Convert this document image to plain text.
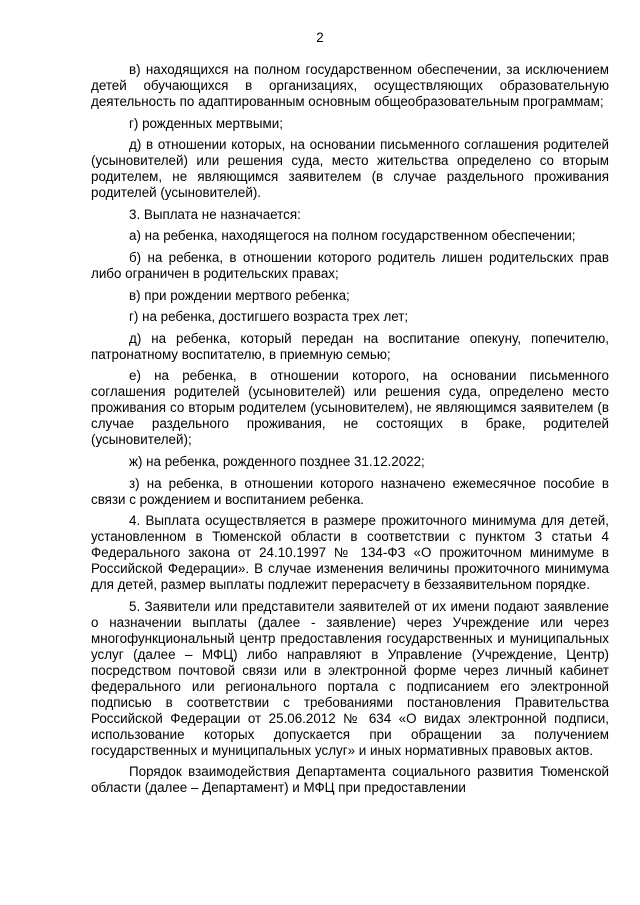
2

в) находящихся на полном государственном обеспечении, за исключением детей обучающихся в организациях, осуществляющих образовательную деятельность по адаптированным основным общеобразовательным программам;

г) рожденных мертвыми;

д) в отношении которых, на основании письменного соглашения родителей (усыновителей) или решения суда, место жительства определено со вторым родителем, не являющимся заявителем (в случае раздельного проживания родителей (усыновителей).

3. Выплата не назначается:

а) на ребенка, находящегося на полном государственном обеспечении;

б) на ребенка, в отношении которого родитель лишен родительских прав либо ограничен в родительских правах;

в) при рождении мертвого ребенка;

г) на ребенка, достигшего возраста трех лет;

д) на ребенка, который передан на воспитание опекуну, попечителю, патронатному воспитателю, в приемную семью;

е) на ребенка, в отношении которого, на основании письменного соглашения родителей (усыновителей) или решения суда, определено место проживания со вторым родителем (усыновителем), не являющимся заявителем (в случае раздельного проживания, не состоящих в браке, родителей (усыновителей);

ж) на ребенка, рожденного позднее 31.12.2022;

з) на ребенка, в отношении которого назначено ежемесячное пособие в связи с рождением и воспитанием ребенка.

4. Выплата осуществляется в размере прожиточного минимума для детей, установленном в Тюменской области в соответствии с пунктом 3 статьи 4 Федерального закона от 24.10.1997 № 134-ФЗ «О прожиточном минимуме в Российской Федерации». В случае изменения величины прожиточного минимума для детей, размер выплаты подлежит перерасчету в беззаявительном порядке.

5. Заявители или представители заявителей от их имени подают заявление о назначении выплаты (далее - заявление) через Учреждение или через многофункциональный центр предоставления государственных и муниципальных услуг (далее – МФЦ) либо направляют в Управление (Учреждение, Центр) посредством почтовой связи или в электронной форме через личный кабинет федерального или регионального портала с подписанием его электронной подписью в соответствии с требованиями постановления Правительства Российской Федерации от 25.06.2012 № 634 «О видах электронной подписи, использование которых допускается при обращении за получением государственных и муниципальных услуг» и иных нормативных правовых актов.

Порядок взаимодействия Департамента социального развития Тюменской области (далее – Департамент) и МФЦ при предоставлении
